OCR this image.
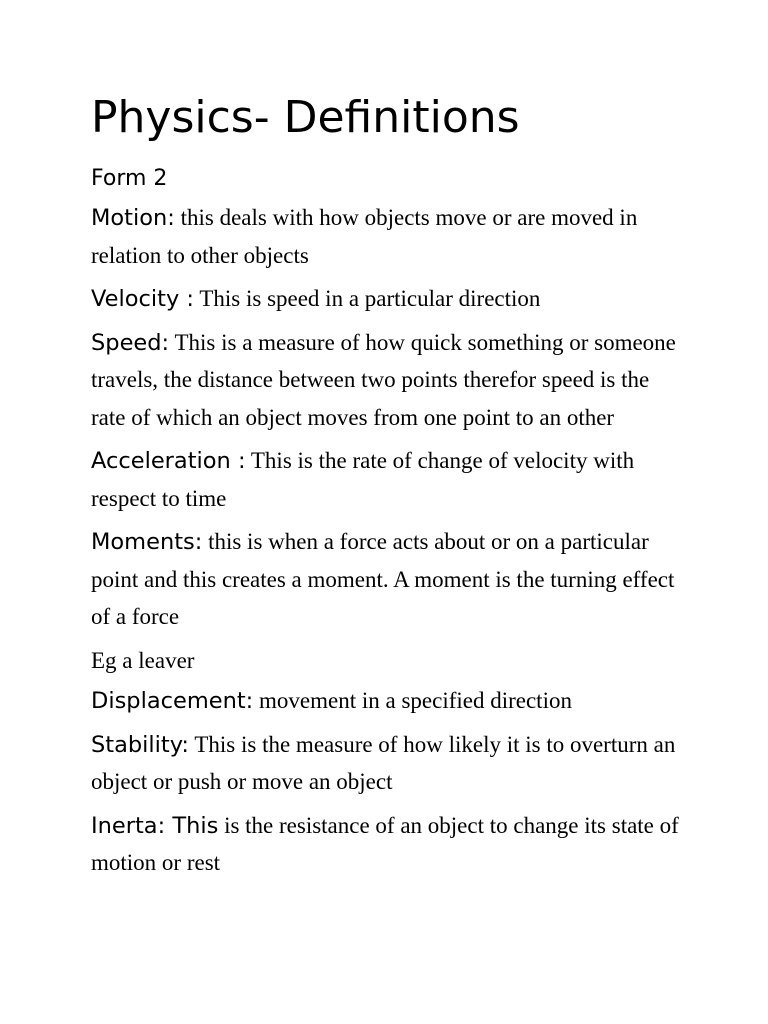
Physics- Definitions
Form 2
Motion: this deals with how objects move or are moved in relation to other objects
Velocity : This is speed in a particular direction
Speed: This is a measure of how quick something or someone travels, the distance between two points therefor speed is the rate of which an object moves from one point to an other
Acceleration : This is the rate of change of velocity with respect to time
Moments: this is when a force acts about or on a particular point and this creates a moment. A moment is the turning effect of a force
Eg a leaver
Displacement: movement in a specified direction
Stability: This is the measure of how likely it is to overturn an object or push or move an object
Inerta: This is the resistance of an object to change its state of motion or rest
